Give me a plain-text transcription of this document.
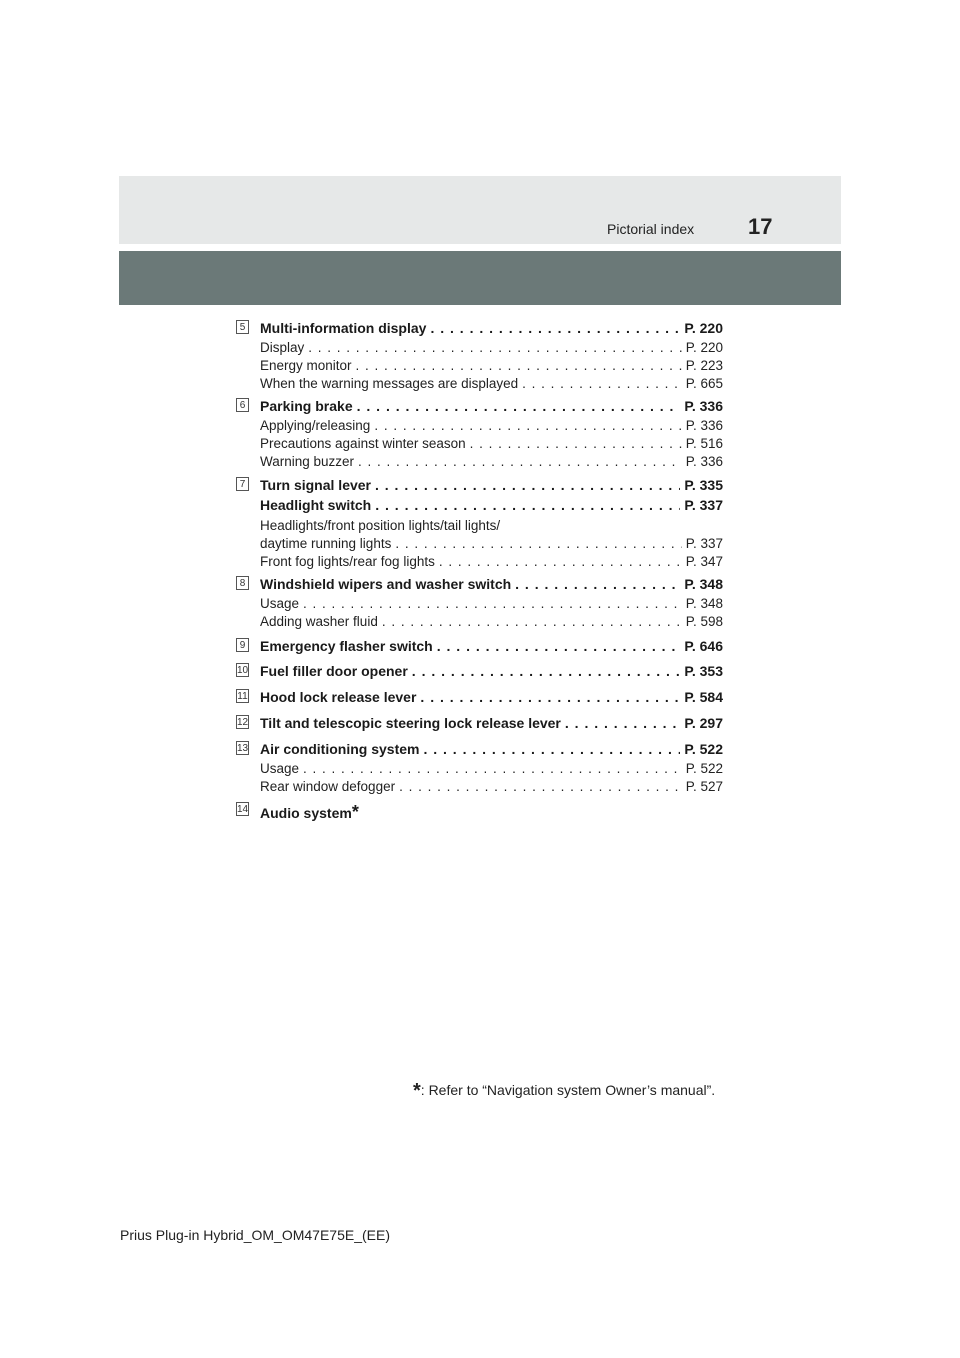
Pictorial index 17
5 Multi-information display . . .	P. 220
Display . . .	P. 220
Energy monitor . . .	P. 223
When the warning messages are displayed . . .	P. 665
6 Parking brake . . .	P. 336
Applying/releasing . . .	P. 336
Precautions against winter season . . .	P. 516
Warning buzzer . . .	P. 336
7 Turn signal lever . . .	P. 335
Headlight switch . . .	P. 337
Headlights/front position lights/tail lights/
daytime running lights . . .	P. 337
Front fog lights/rear fog lights . . .	P. 347
8 Windshield wipers and washer switch . . .	P. 348
Usage . . .	P. 348
Adding washer fluid . . .	P. 598
9 Emergency flasher switch . . .	P. 646
10 Fuel filler door opener . . .	P. 353
11 Hood lock release lever . . .	P. 584
12 Tilt and telescopic steering lock release lever . . .	P. 297
13 Air conditioning system . . .	P. 522
Usage . . .	P. 522
Rear window defogger . . .	P. 527
14 Audio system *
*: Refer to “Navigation system Owner’s manual”.
Prius Plug-in Hybrid_OM_OM47E75E_(EE)
